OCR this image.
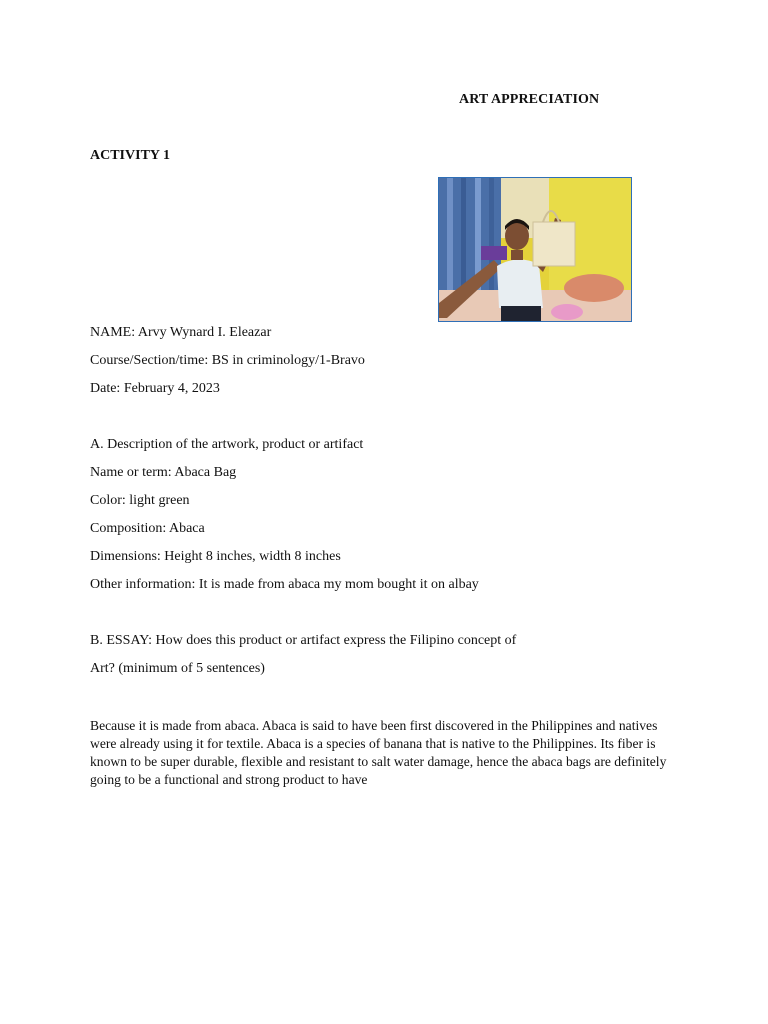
ART APPRECIATION
ACTIVITY 1
NAME: Arvy Wynard I. Eleazar
Course/Section/time: BS in criminology/1-Bravo
Date: February 4, 2023
A. Description of the artwork, product or artifact
Name or term: Abaca Bag
Color: light green
Composition: Abaca
Dimensions: Height 8 inches, width 8 inches
Other information: It is made from abaca my mom bought it on albay
B. ESSAY: How does this product or artifact express the Filipino concept of
Art? (minimum of 5 sentences)
Because it is made from abaca. Abaca is said to have been first discovered in the Philippines and natives were already using it for textile. Abaca is a species of banana that is native to the Philippines. Its fiber is known to be super durable, flexible and resistant to salt water damage, hence the abaca bags are definitely going to be a functional and strong product to have
